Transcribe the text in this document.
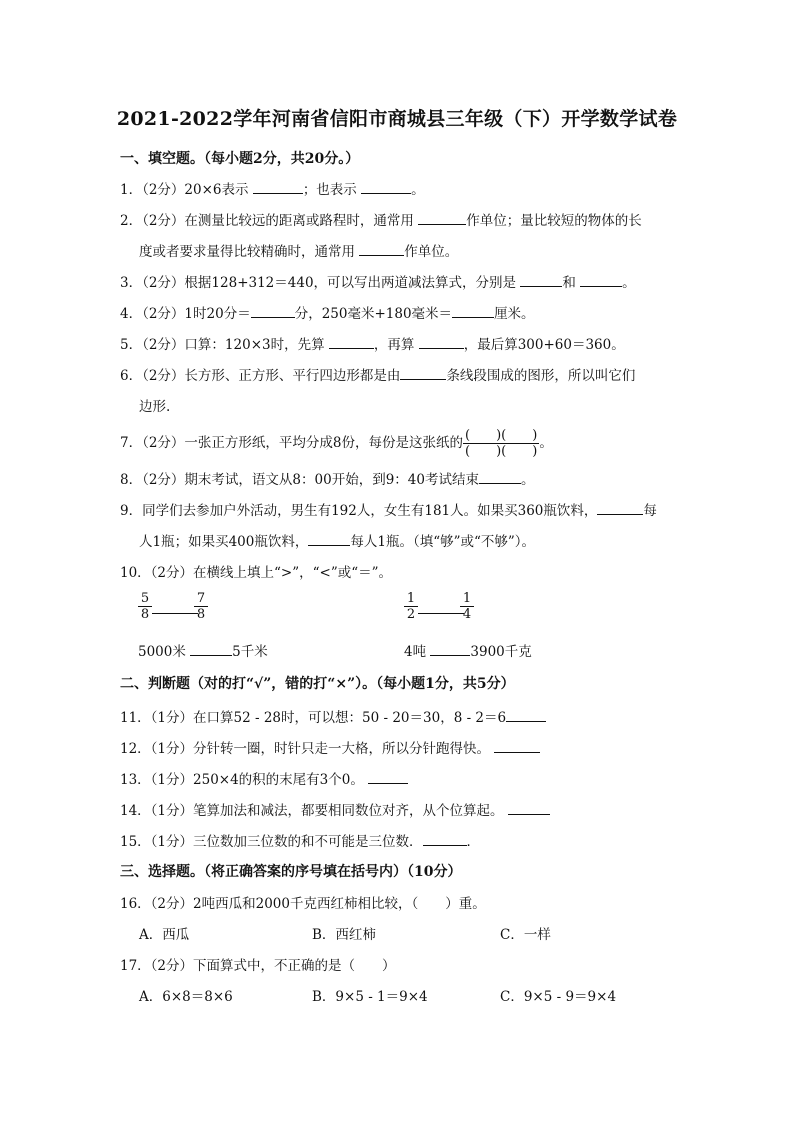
2021-2022学年河南省信阳市商城县三年级（下）开学数学试卷
一、填空题。（每小题2分，共20分。）
1．（2分）20×6表示	；也表示	。
2．（2分）在测量比较远的距离或路程时，通常用	作单位；量比较短的物体的长
度或者要求量得比较精确时，通常用	作单位。
3．（2分）根据128+312＝440，可以写出两道减法算式，分别是	和	。
4．（2分）1时20分＝	分，250毫米+180毫米＝	厘米。
5．（2分）口算：120×3时，先算	，再算	，最后算300+60＝360。
6．（2分）长方形、正方形、平行四边形都是由	条线段围成的图形，所以叫它们
边形.
7．（2分）一张正方形纸，平均分成8份，每份是这张纸的 $\frac{( )( )}{( )( )}$ 。
8．（2分）期末考试，语文从8：00开始，到9：40考试结束	。
9．同学们去参加户外活动，男生有192人，女生有181人。如果买360瓶饮料，	每
人1瓶；如果买400瓶饮料，	每人1瓶。（填“够”或“不够”）。
10．（2分）在横线上填上“>”，“<”或“＝”。
$\frac{5}{8}$	$\frac{7}{8}$	$\frac{1}{2}$	$\frac{1}{4}$
5000米	5千米	4吨	3900千克
二、判断题（对的打“√”，错的打“×”）。（每小题1分，共5分）
11．（1分）在口算52 - 28时，可以想：50 - 20＝30，8 - 2＝6
12．（1分）分针转一圈，时针只走一大格，所以分针跑得快。
13．（1分）250×4的积的末尾有3个0。
14．（1分）笔算加法和减法，都要相同数位对齐，从个位算起。
15．（1分）三位数加三位数的和不可能是三位数．	．
三、选择题。（将正确答案的序号填在括号内）（10分）
16．（2分）2吨西瓜和2000千克西红柿相比较，（　　）重。
A．西瓜	B．西红柿	C．一样
17．（2分）下面算式中，不正确的是（　　）
A．6×8＝8×6	B．9×5 - 1＝9×4	C．9×5 - 9＝9×4
